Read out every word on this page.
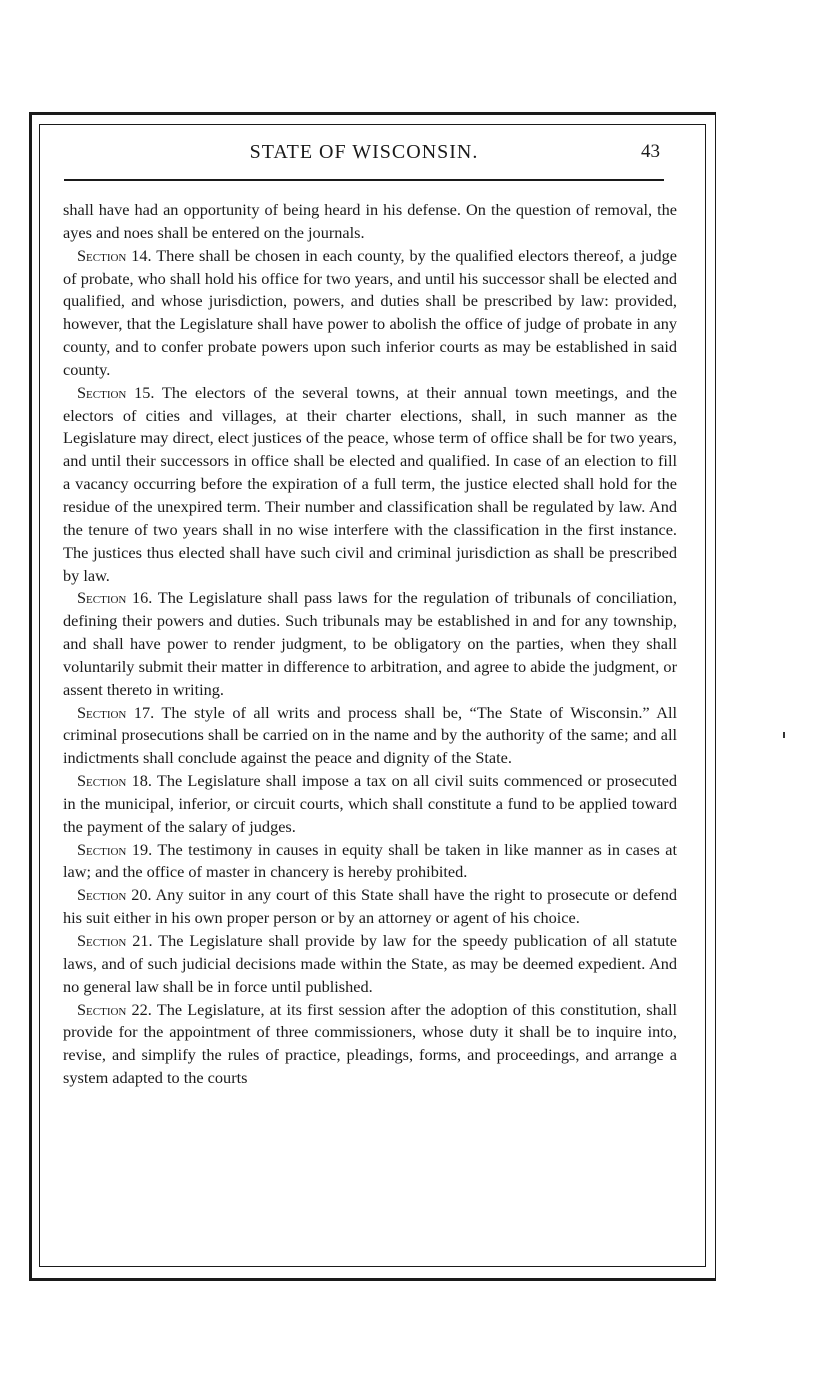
STATE OF WISCONSIN.	43

shall have had an opportunity of being heard in his defense. On the question of removal, the ayes and noes shall be entered on the journals.

Section 14. There shall be chosen in each county, by the qualified electors thereof, a judge of probate, who shall hold his office for two years, and until his successor shall be elected and qualified, and whose jurisdiction, powers, and duties shall be prescribed by law: provided, however, that the Legislature shall have power to abolish the office of judge of probate in any county, and to confer probate powers upon such inferior courts as may be established in said county.

Section 15. The electors of the several towns, at their annual town meetings, and the electors of cities and villages, at their charter elections, shall, in such manner as the Legislature may direct, elect justices of the peace, whose term of office shall be for two years, and until their successors in office shall be elected and qualified. In case of an election to fill a vacancy occurring before the expiration of a full term, the justice elected shall hold for the residue of the unexpired term. Their number and classification shall be regulated by law. And the tenure of two years shall in no wise interfere with the classification in the first instance. The justices thus elected shall have such civil and criminal jurisdiction as shall be prescribed by law.

Section 16. The Legislature shall pass laws for the regulation of tribunals of conciliation, defining their powers and duties. Such tribunals may be established in and for any township, and shall have power to render judgment, to be obligatory on the parties, when they shall voluntarily submit their matter in difference to arbitration, and agree to abide the judgment, or assent thereto in writing.

Section 17. The style of all writs and process shall be, “The State of Wisconsin.” All criminal prosecutions shall be carried on in the name and by the authority of the same; and all indictments shall conclude against the peace and dignity of the State.

Section 18. The Legislature shall impose a tax on all civil suits commenced or prosecuted in the municipal, inferior, or circuit courts, which shall constitute a fund to be applied toward the payment of the salary of judges.

Section 19. The testimony in causes in equity shall be taken in like manner as in cases at law; and the office of master in chancery is hereby prohibited.

Section 20. Any suitor in any court of this State shall have the right to prosecute or defend his suit either in his own proper person or by an attorney or agent of his choice.

Section 21. The Legislature shall provide by law for the speedy publication of all statute laws, and of such judicial decisions made within the State, as may be deemed expedient. And no general law shall be in force until published.

Section 22. The Legislature, at its first session after the adoption of this constitution, shall provide for the appointment of three commissioners, whose duty it shall be to inquire into, revise, and simplify the rules of practice, pleadings, forms, and proceedings, and arrange a system adapted to the courts
